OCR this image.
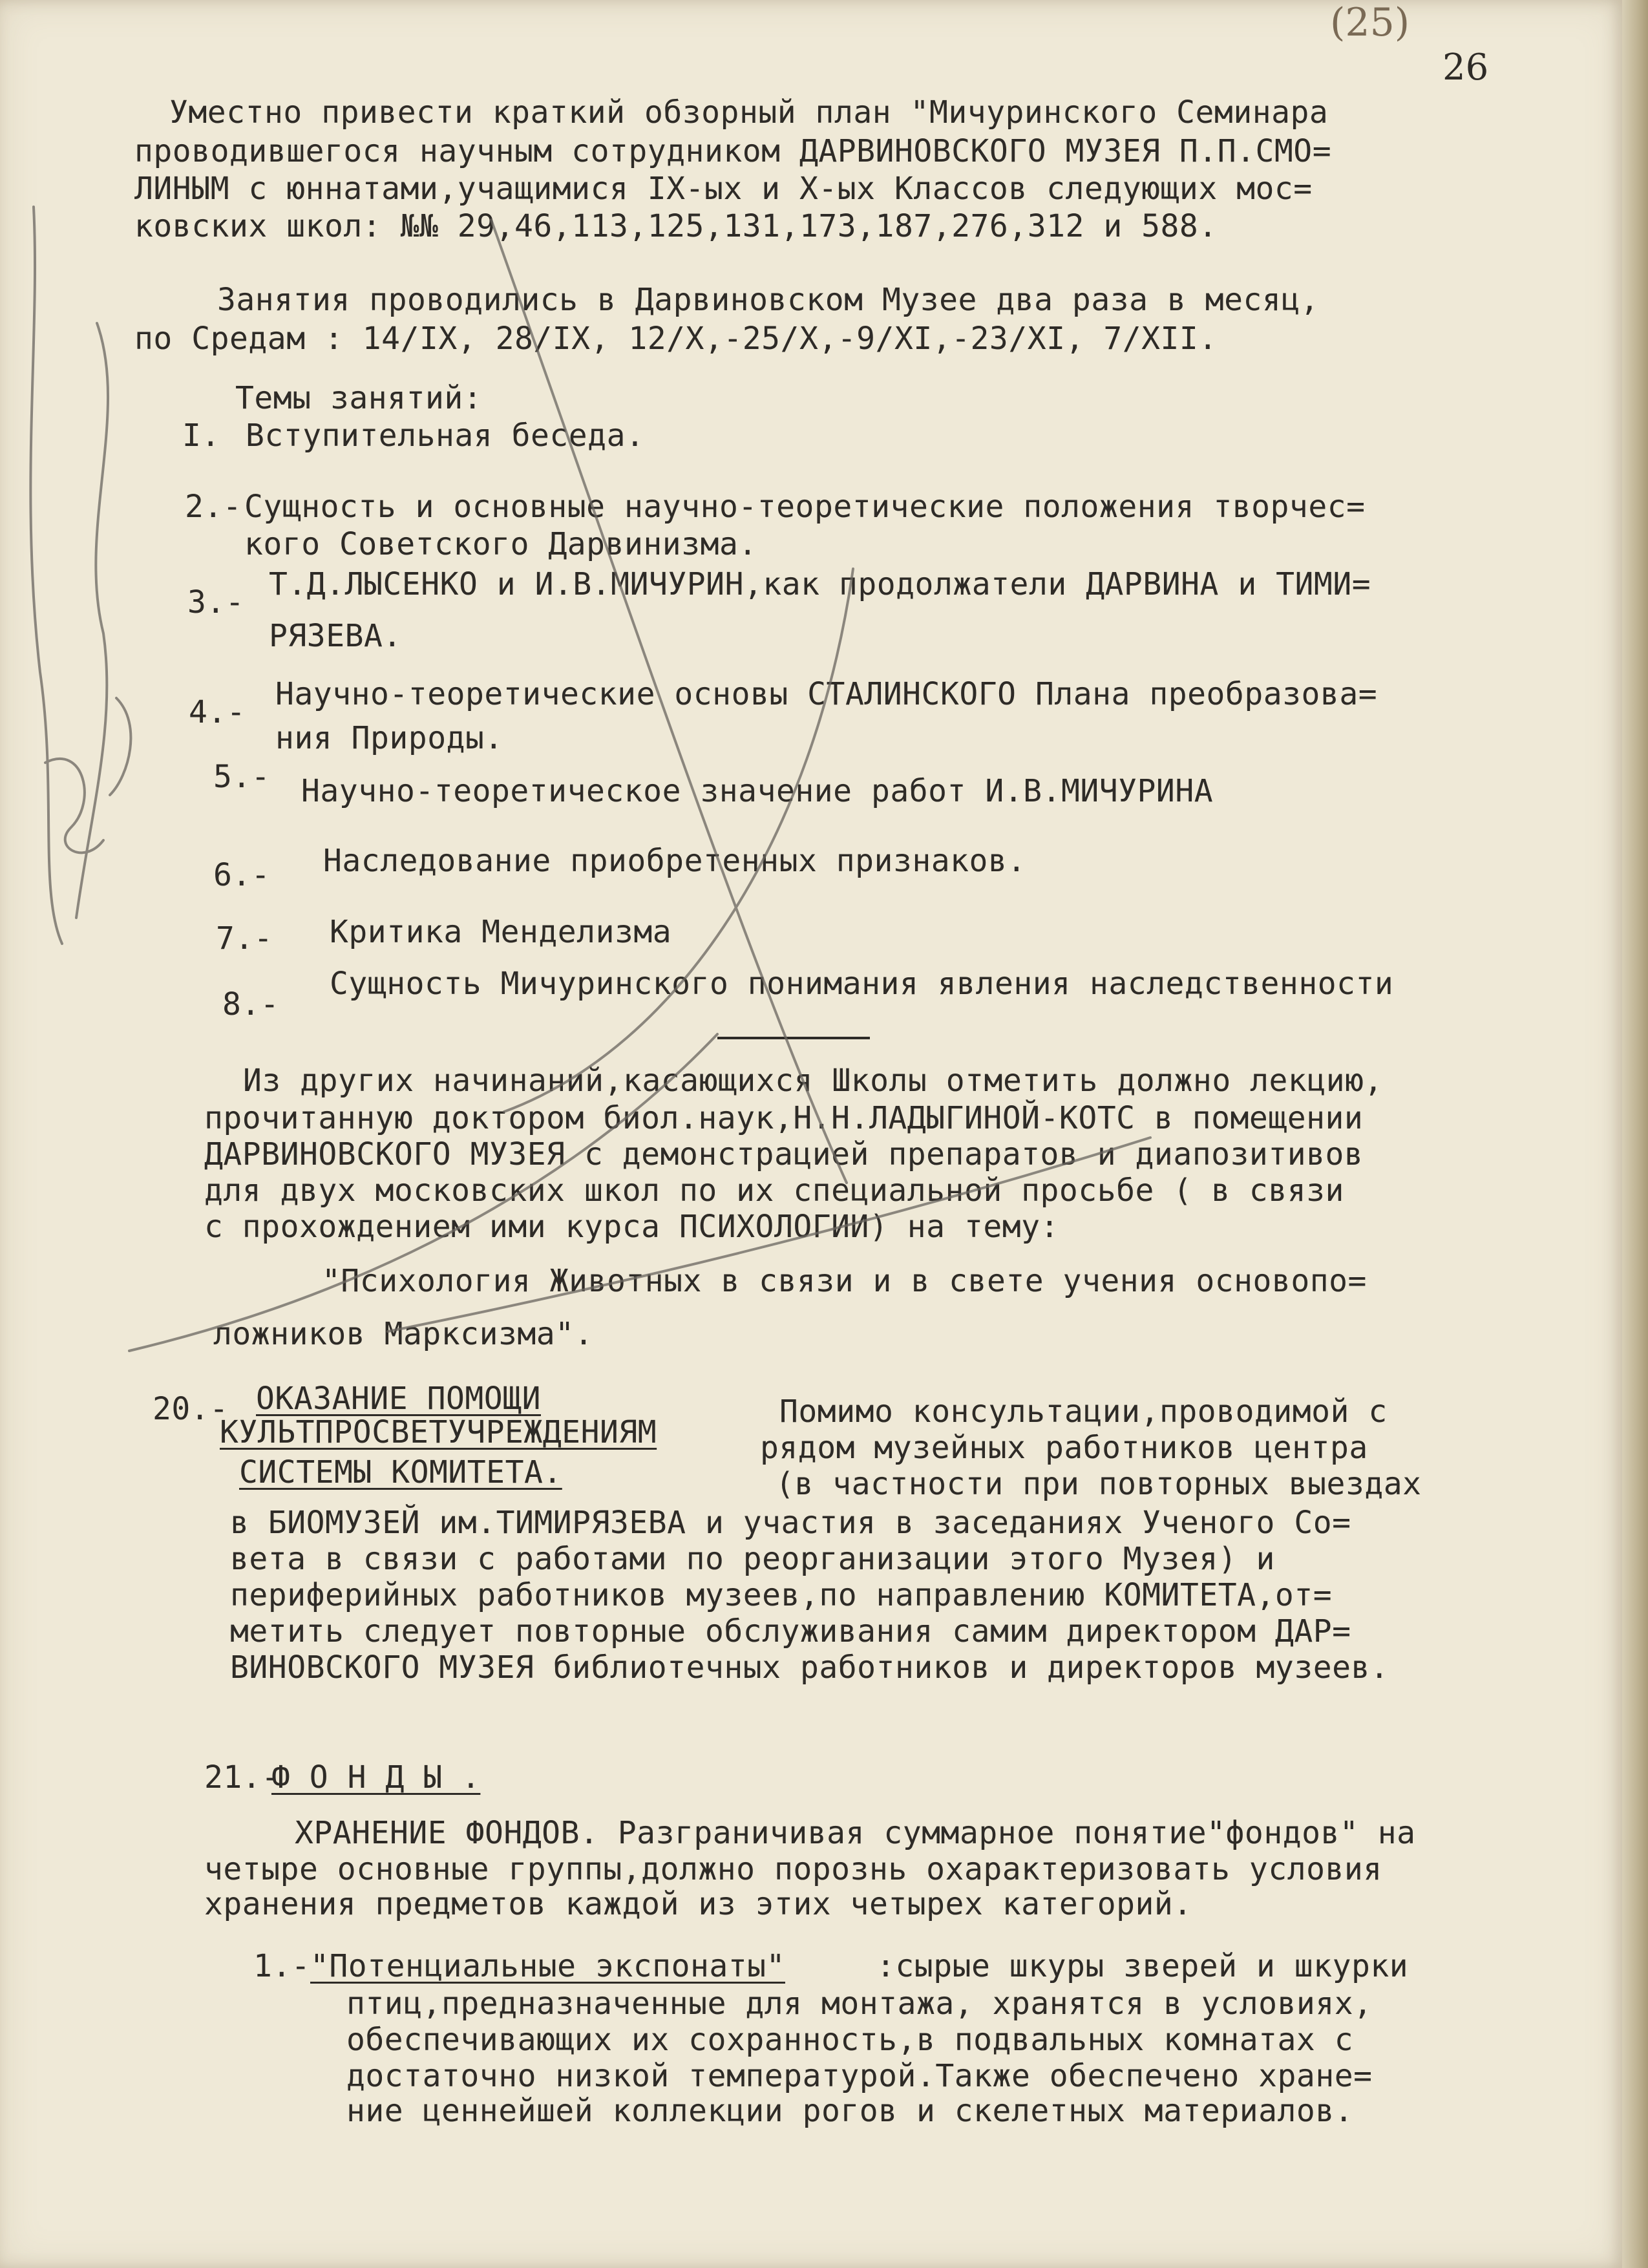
(25)
26
Уместно привести краткий обзорный план "Мичуринского Семинара
проводившегося научным сотрудником ДАРВИНОВСКОГО МУЗЕЯ П.П.СМО=
ЛИНЫМ с юннатами,учащимися IX-ых и X-ых Классов следующих мос=
ковских школ: №№ 29,46,113,125,131,173,187,276,312 и 588.
Занятия проводились в Дарвиновском Музее два раза в месяц,
по Средам : 14/IX, 28/IX, 12/X,-25/X,-9/XI,-23/XI, 7/XII.
Темы занятий:
I. Вступительная беседа.
2.- Сущность и основные научно-теоретические положения творчес=
кого Советского Дарвинизма.
3.- Т.Д.ЛЫСЕНКО и И.В.МИЧУРИН,как продолжатели ДАРВИНА и ТИМИ=
РЯЗЕВА.
4.- Научно-теоретические основы СТАЛИНСКОГО Плана преобразова=
ния Природы.
5.- Научно-теоретическое значение работ И.В.МИЧУРИНА
6.- Наследование приобретенных признаков.
7.- Критика Менделизма
8.-
Сущность Мичуринского понимания явления наследственности
Из других начинаний,касающихся Школы отметить должно лекцию,
прочитанную доктором биол.наук,Н.Н.ЛАДЫГИНОЙ-КОТС в помещении
ДАРВИНОВСКОГО МУЗЕЯ с демонстрацией препаратов и диапозитивов
для двух московских школ по их специальной просьбе ( в связи
с прохождением ими курса ПСИХОЛОГИИ) на тему:
"Психология Животных в связи и в свете учения основопо=
ложников Марксизма".
20.- ОКАЗАНИЕ ПОМОЩИ
КУЛЬТПРОСВЕТУЧРЕЖДЕНИЯМ
СИСТЕМЫ КОМИТЕТА.
Помимо консультации,проводимой с
рядом музейных работников центра
(в частности при повторных выездах
в БИОМУЗЕЙ им.ТИМИРЯЗЕВА и участия в заседаниях Ученого Со=
вета в связи с работами по реорганизации этого Музея) и
периферийных работников музеев,по направлению КОМИТЕТА,от=
метить следует повторные обслуживания самим директором ДАР=
ВИНОВСКОГО МУЗЕЯ библиотечных работников и директоров музеев.
21.-
Ф О Н Д Ы .
ХРАНЕНИЕ ФОНДОВ. Разграничивая суммарное понятие"фондов" на
четыре основные группы,должно порознь охарактеризовать условия
хранения предметов каждой из этих четырех категорий.
1.- "Потенциальные экспонаты"	:сырые шкуры зверей и шкурки
птиц,предназначенные для монтажа, хранятся в условиях,
обеспечивающих их сохранность,в подвальных комнатах с
достаточно низкой температурой.Также обеспечено хране=
ние ценнейшей коллекции рогов и скелетных материалов.
